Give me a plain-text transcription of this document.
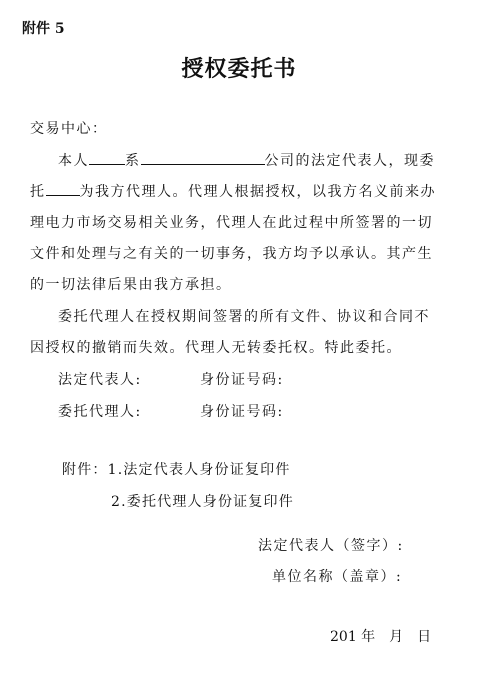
附件 5
授权委托书
交易中心：
本人	系	公司的法定代表人，现委
托 为我方代理人。代理人根据授权，以我方名义前来办
理电力市场交易相关业务，代理人在此过程中所签署的一切
文件和处理与之有关的一切事务，我方均予以承认。其产生
的一切法律后果由我方承担。
委托代理人在授权期间签署的所有文件、协议和合同不
因授权的撤销而失效。代理人无转委托权。特此委托。
法定代表人:	身份证号码:
委托代理人:	身份证号码:
附件：1.法定代表人身份证复印件
2.委托代理人身份证复印件
法定代表人（签字）:
单位名称（盖章）:
201 年 月 日
